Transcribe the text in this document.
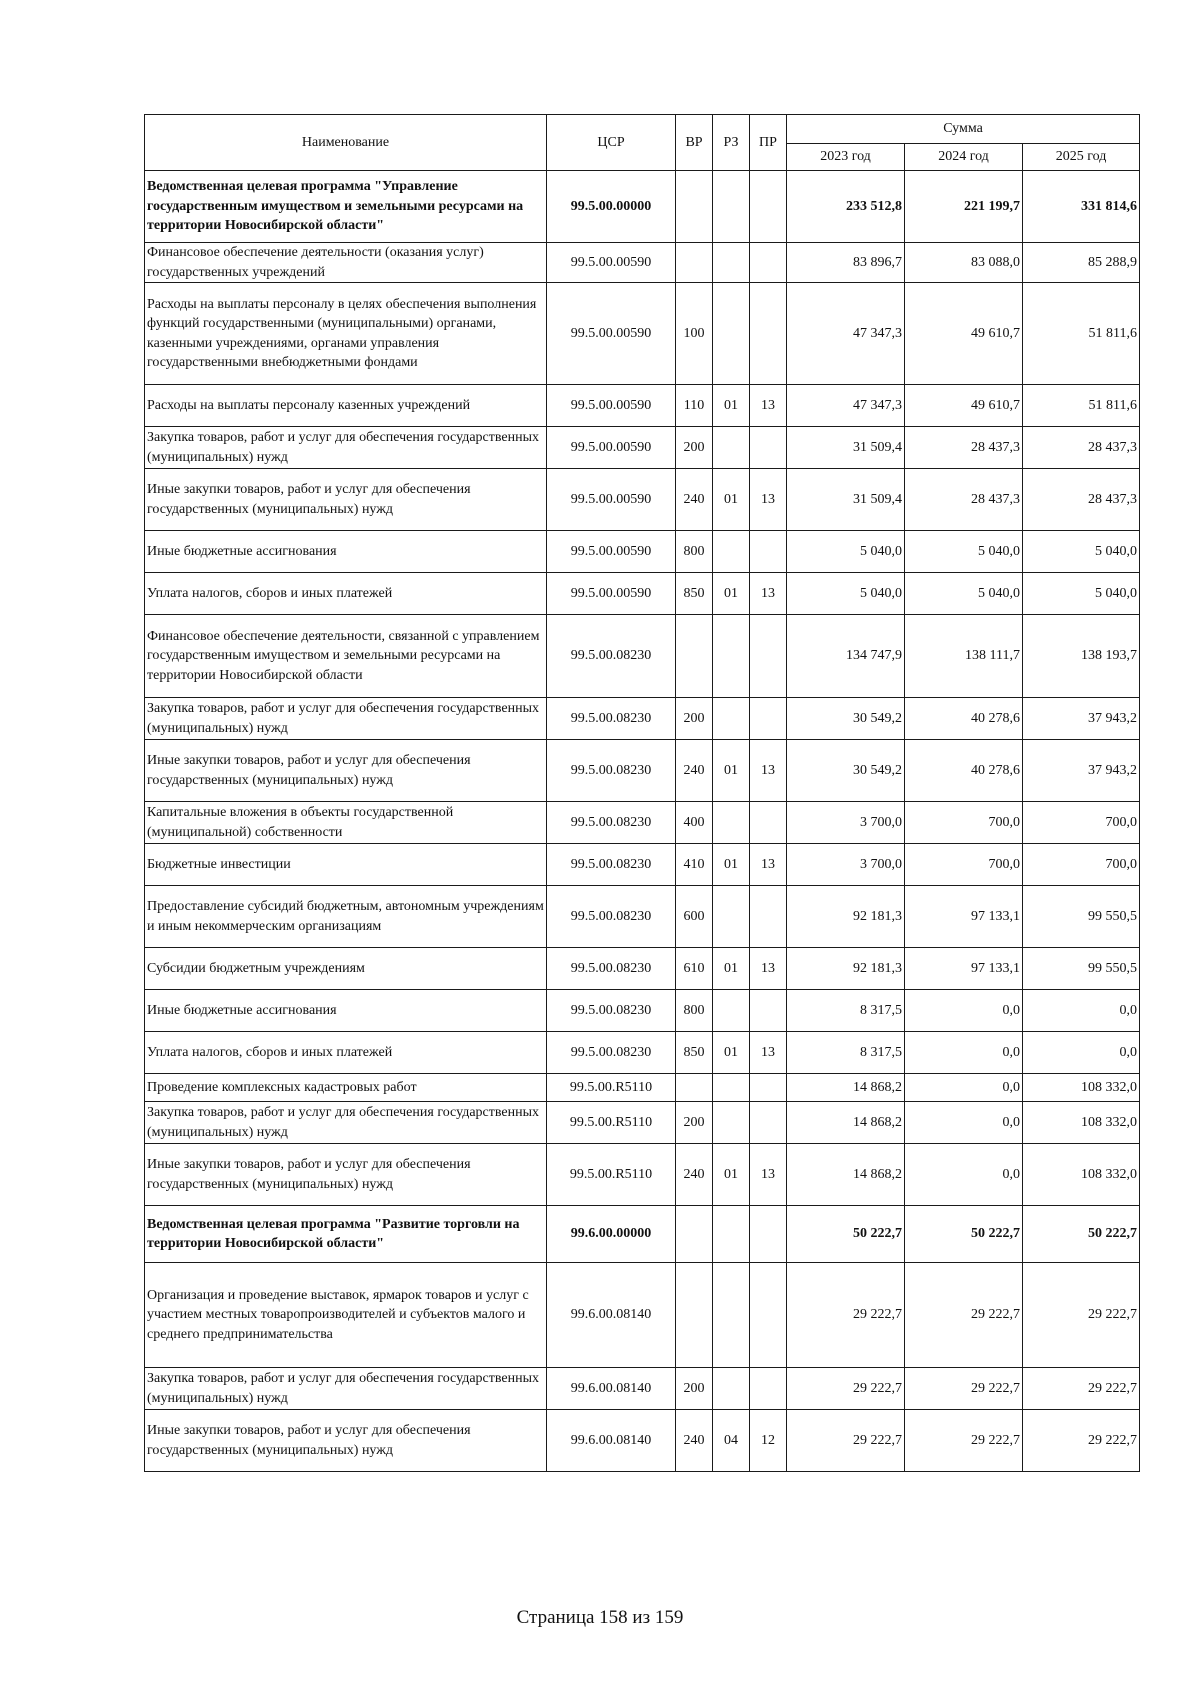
Наименование	ЦСР	ВР	РЗ	ПР	Сумма		
					2023 год	2024 год	2025 год
Ведомственная целевая программа "Управление государственным имуществом и земельными ресурсами на территории Новосибирской области"	99.5.00.00000				233 512,8	221 199,7	331 814,6
Финансовое обеспечение деятельности (оказания услуг) государственных учреждений	99.5.00.00590				83 896,7	83 088,0	85 288,9
Расходы на выплаты персоналу в целях обеспечения выполнения функций государственными (муниципальными) органами, казенными учреждениями, органами управления государственными внебюджетными фондами	99.5.00.00590	100			47 347,3	49 610,7	51 811,6
Расходы на выплаты персоналу казенных учреждений	99.5.00.00590	110	01	13	47 347,3	49 610,7	51 811,6
Закупка товаров, работ и услуг для обеспечения государственных (муниципальных) нужд	99.5.00.00590	200			31 509,4	28 437,3	28 437,3
Иные закупки товаров, работ и услуг для обеспечения государственных (муниципальных) нужд	99.5.00.00590	240	01	13	31 509,4	28 437,3	28 437,3
Иные бюджетные ассигнования	99.5.00.00590	800			5 040,0	5 040,0	5 040,0
Уплата налогов, сборов и иных платежей	99.5.00.00590	850	01	13	5 040,0	5 040,0	5 040,0
Финансовое обеспечение деятельности, связанной с управлением государственным имуществом и земельными ресурсами на территории Новосибирской области	99.5.00.08230				134 747,9	138 111,7	138 193,7
Закупка товаров, работ и услуг для обеспечения государственных (муниципальных) нужд	99.5.00.08230	200			30 549,2	40 278,6	37 943,2
Иные закупки товаров, работ и услуг для обеспечения государственных (муниципальных) нужд	99.5.00.08230	240	01	13	30 549,2	40 278,6	37 943,2
Капитальные вложения в объекты государственной (муниципальной) собственности	99.5.00.08230	400			3 700,0	700,0	700,0
Бюджетные инвестиции	99.5.00.08230	410	01	13	3 700,0	700,0	700,0
Предоставление субсидий бюджетным, автономным учреждениям и иным некоммерческим организациям	99.5.00.08230	600			92 181,3	97 133,1	99 550,5
Субсидии бюджетным учреждениям	99.5.00.08230	610	01	13	92 181,3	97 133,1	99 550,5
Иные бюджетные ассигнования	99.5.00.08230	800			8 317,5	0,0	0,0
Уплата налогов, сборов и иных платежей	99.5.00.08230	850	01	13	8 317,5	0,0	0,0
Проведение комплексных кадастровых работ	99.5.00.R5110				14 868,2	0,0	108 332,0
Закупка товаров, работ и услуг для обеспечения государственных (муниципальных) нужд	99.5.00.R5110	200			14 868,2	0,0	108 332,0
Иные закупки товаров, работ и услуг для обеспечения государственных (муниципальных) нужд	99.5.00.R5110	240	01	13	14 868,2	0,0	108 332,0
Ведомственная целевая программа "Развитие торговли на территории Новосибирской области"	99.6.00.00000				50 222,7	50 222,7	50 222,7
Организация и проведение выставок, ярмарок товаров и услуг с участием местных товаропроизводителей и субъектов малого и среднего предпринимательства	99.6.00.08140				29 222,7	29 222,7	29 222,7
Закупка товаров, работ и услуг для обеспечения государственных (муниципальных) нужд	99.6.00.08140	200			29 222,7	29 222,7	29 222,7
Иные закупки товаров, работ и услуг для обеспечения государственных (муниципальных) нужд	99.6.00.08140	240	04	12	29 222,7	29 222,7	29 222,7
Страница 158 из 159
